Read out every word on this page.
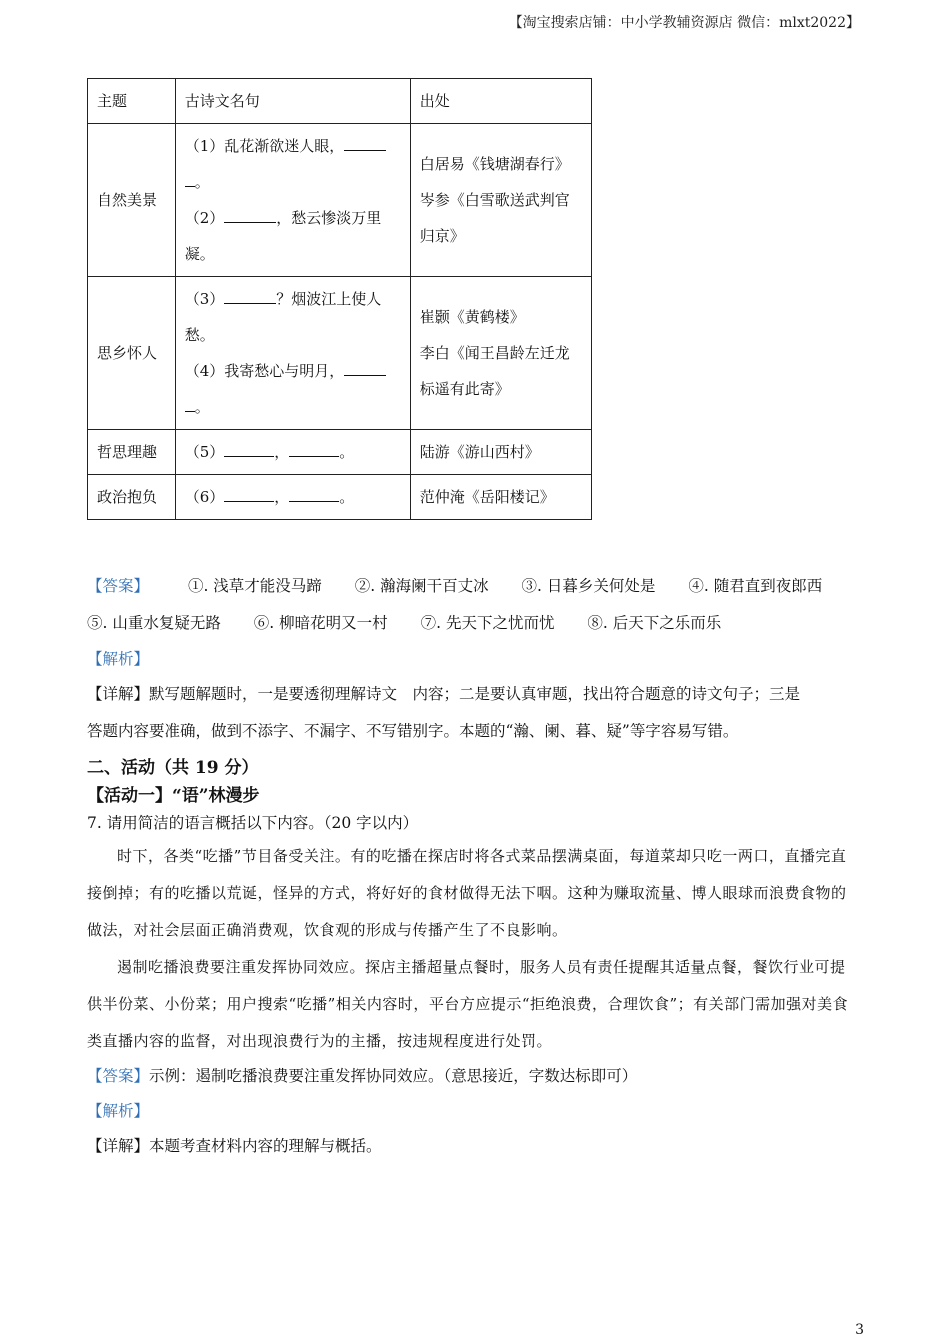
【淘宝搜索店铺：中小学教辅资源店 微信：mlxt2022】
主题	古诗文名句	出处
自然美景	（1）乱花渐欲迷人眼，
。
（2） ，愁云惨淡万里凝。	白居易《钱塘湖春行》
岑参《白雪歌送武判官归京》
思乡怀人	（3） ？烟波江上使人愁。
（4）我寄愁心与明月，
。	崔颢《黄鹤楼》
李白《闻王昌龄左迁龙标遥有此寄》
哲思理趣	（5） ， 。	陆游《游山西村》
政治抱负	（6） ， 。	范仲淹《岳阳楼记》
【答案】	①. 浅草才能没马蹄 ②. 瀚海阑干百丈冰 ③. 日暮乡关何处是 ④. 随君直到夜郎西
⑤. 山重水复疑无路 ⑥. 柳暗花明又一村 ⑦. 先天下之忧而忧 ⑧. 后天下之乐而乐
【解析】
【详解】默写题解题时，一是要透彻理解诗文　内容；二是要认真审题，找出符合题意的诗文句子；三是
答题内容要准确，做到不添字、不漏字、不写错别字。本题的“瀚、阑、暮、疑”等字容易写错。
二、活动（共 19 分）
【活动一】“语”林漫步
7. 请用简洁的语言概括以下内容。（20 字以内）

时下，各类“吃播”节目备受关注。有的吃播在探店时将各式菜品摆满桌面，每道菜却只吃一两口，直播完直接倒掉；有的吃播以荒诞，怪异的方式，将好好的食材做得无法下咽。这种为赚取流量、博人眼球而浪费食物的做法，对社会层面正确消费观，饮食观的形成与传播产生了不良影响。

遏制吃播浪费要注重发挥协同效应。探店主播超量点餐时，服务人员有责任提醒其适量点餐，餐饮行业可提供半份菜、小份菜；用户搜索“吃播”相关内容时，平台方应提示“拒绝浪费，合理饮食”；有关部门需加强对美食类直播内容的监督，对出现浪费行为的主播，按违规程度进行处罚。

【答案】示例：遏制吃播浪费要注重发挥协同效应。（意思接近，字数达标即可）
【解析】
【详解】本题考查材料内容的理解与概括。
3
